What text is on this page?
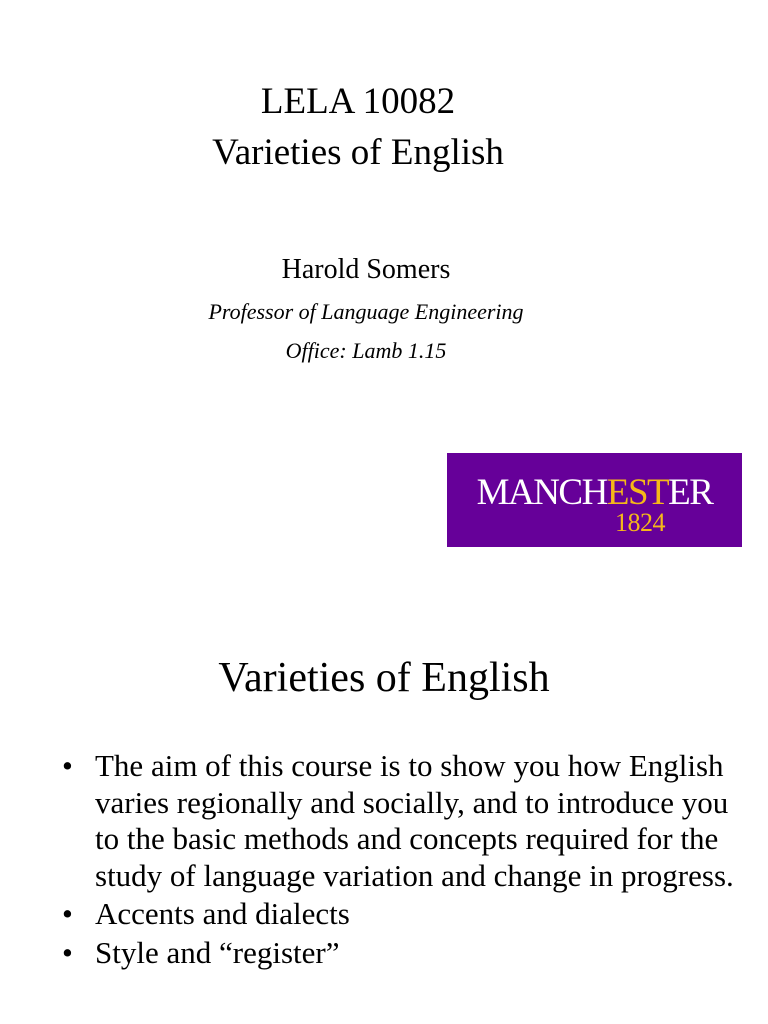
LELA 10082
Varieties of English
Harold Somers
Professor of Language Engineering
Office: Lamb 1.15
MANCHESTER
1824
Varieties of English
• The aim of this course is to show you how English varies regionally and socially, and to introduce you to the basic methods and concepts required for the study of language variation and change in progress.
• Accents and dialects
• Style and “register”
